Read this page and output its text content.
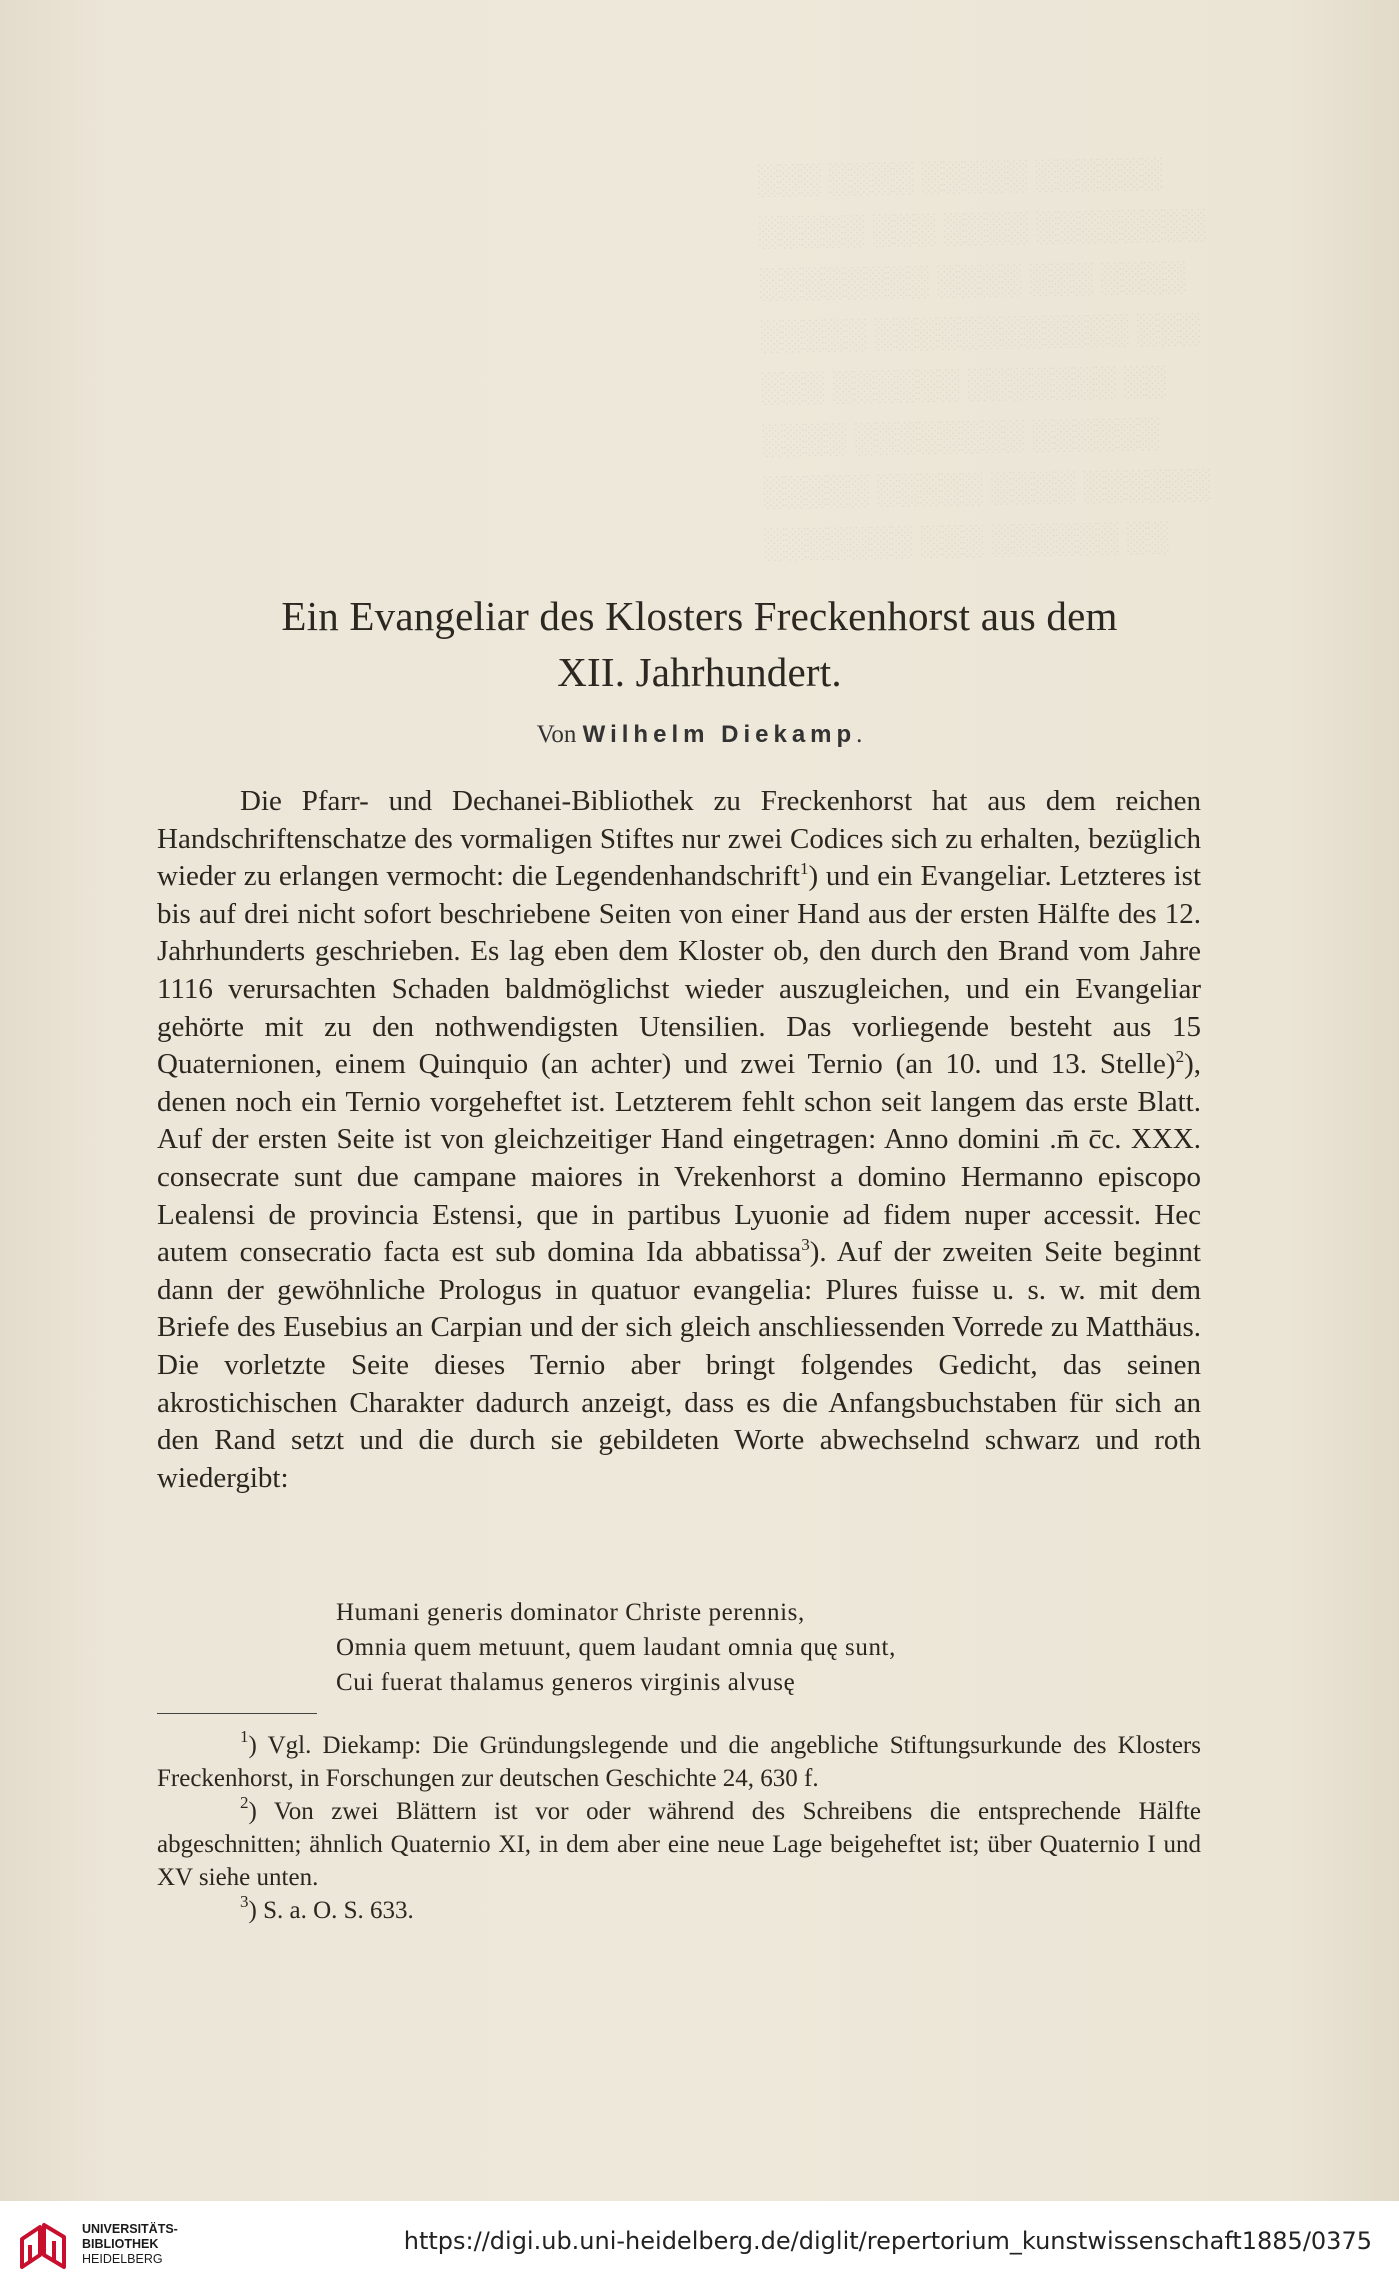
░░░ ░░░░ ░░░░░ ░░░░░░
░░░░░ ░░░ ░░░░ ░░░░░░░░
░░░░░░░░ ░░░░ ░░░ ░░░░
░░░░░ ░░░░░░░░░░░░ ░░░
░░░ ░░░░░░ ░░░░░░░ ░░
░░░░ ░░░░░░░░ ░░░░░░
░░░░░ ░░░░░ ░░░░ ░░░░░░
░░░░░░░ ░░░ ░░░░░░ ░░
Ein Evangeliar des Klosters Freckenhorst aus dem
XII. Jahrhundert.
Von Wilhelm Diekamp.

Die Pfarr- und Dechanei-Bibliothek zu Freckenhorst hat aus dem reichen Handschriftenschatze des vormaligen Stiftes nur zwei Codices sich zu erhalten, bezüglich wieder zu erlangen vermocht: die Legendenhandschrift$^1$) und ein Evangeliar. Letzteres ist bis auf drei nicht sofort beschriebene Seiten von einer Hand aus der ersten Hälfte des 12. Jahrhunderts geschrieben. Es lag eben dem Kloster ob, den durch den Brand vom Jahre 1116 verursachten Schaden baldmöglichst wieder auszugleichen, und ein Evangeliar gehörte mit zu den nothwendigsten Utensilien. Das vorliegende besteht aus 15 Quaternionen, einem Quinquio (an achter) und zwei Ternio (an 10. und 13. Stelle)$^2$), denen noch ein Ternio vorgeheftet ist. Letzterem fehlt schon seit langem das erste Blatt. Auf der ersten Seite ist von gleichzeitiger Hand eingetragen: Anno domini .m̄ c̄c. XXX. consecrate sunt due campane maiores in Vrekenhorst a domino Hermanno episcopo Lealensi de provincia Estensi, que in partibus Lyuonie ad fidem nuper accessit. Hec autem consecratio facta est sub domina Ida abbatissa$^3$). Auf der zweiten Seite beginnt dann der gewöhnliche Prologus in quatuor evangelia: Plures fuisse u. s. w. mit dem Briefe des Eusebius an Carpian und der sich gleich anschliessenden Vorrede zu Matthäus. Die vorletzte Seite dieses Ternio aber bringt folgendes Gedicht, das seinen akrostichischen Charakter dadurch anzeigt, dass es die Anfangsbuchstaben für sich an den Rand setzt und die durch sie gebildeten Worte abwechselnd schwarz und roth wiedergibt:

Humani generis dominator Christe perennis,
Omnia quem metuunt, quem laudant omnia quę sunt,
Cui fuerat thalamus generos virginis alvusę

$^1$) Vgl. Diekamp: Die Gründungslegende und die angebliche Stiftungsurkunde des Klosters Freckenhorst, in Forschungen zur deutschen Geschichte 24, 630 f.

$^2$) Von zwei Blättern ist vor oder während des Schreibens die entsprechende Hälfte abgeschnitten; ähnlich Quaternio XI, in dem aber eine neue Lage beigeheftet ist; über Quaternio I und XV siehe unten.

$^3$) S. a. O. S. 633.

UNIVERSITÄTS-
BIBLIOTHEK
HEIDELBERG
https://digi.ub.uni-heidelberg.de/diglit/repertorium_kunstwissenschaft1885/0375
